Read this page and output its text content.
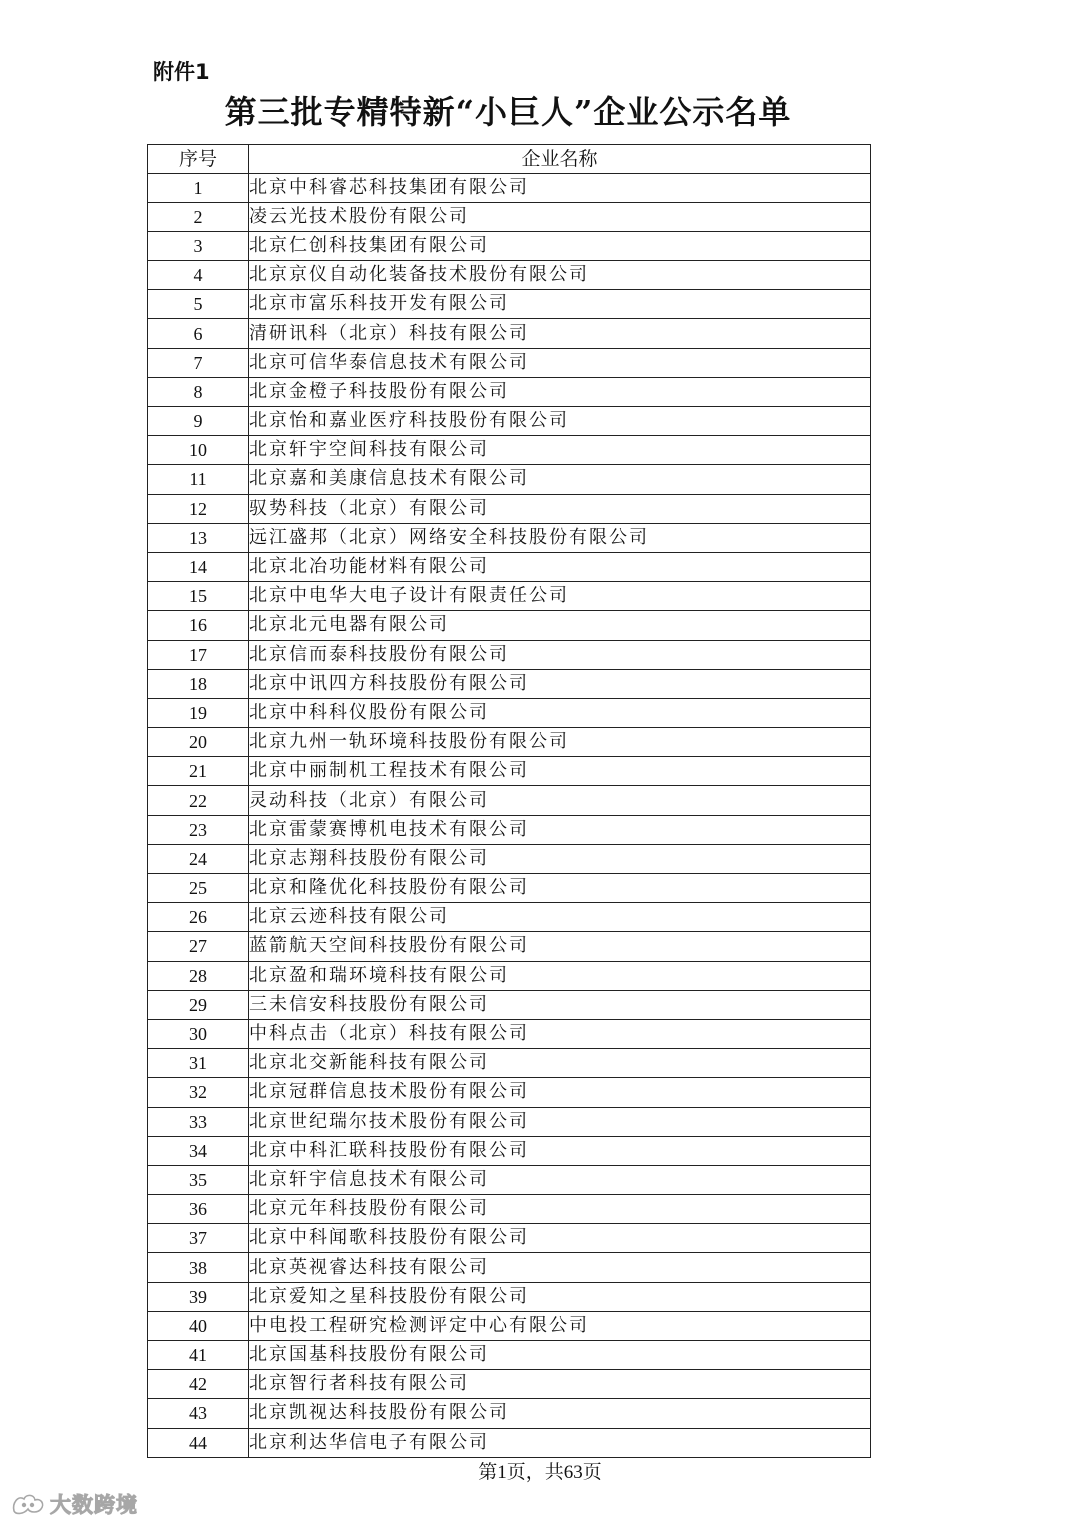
附件1
第三批专精特新“小巨人”企业公示名单
序号	企业名称
1	北京中科睿芯科技集团有限公司
2	凌云光技术股份有限公司
3	北京仁创科技集团有限公司
4	北京京仪自动化装备技术股份有限公司
5	北京市富乐科技开发有限公司
6	清研讯科（北京）科技有限公司
7	北京可信华泰信息技术有限公司
8	北京金橙子科技股份有限公司
9	北京怡和嘉业医疗科技股份有限公司
10	北京轩宇空间科技有限公司
11	北京嘉和美康信息技术有限公司
12	驭势科技（北京）有限公司
13	远江盛邦（北京）网络安全科技股份有限公司
14	北京北冶功能材料有限公司
15	北京中电华大电子设计有限责任公司
16	北京北元电器有限公司
17	北京信而泰科技股份有限公司
18	北京中讯四方科技股份有限公司
19	北京中科科仪股份有限公司
20	北京九州一轨环境科技股份有限公司
21	北京中丽制机工程技术有限公司
22	灵动科技（北京）有限公司
23	北京雷蒙赛博机电技术有限公司
24	北京志翔科技股份有限公司
25	北京和隆优化科技股份有限公司
26	北京云迹科技有限公司
27	蓝箭航天空间科技股份有限公司
28	北京盈和瑞环境科技有限公司
29	三未信安科技股份有限公司
30	中科点击（北京）科技有限公司
31	北京北交新能科技有限公司
32	北京冠群信息技术股份有限公司
33	北京世纪瑞尔技术股份有限公司
34	北京中科汇联科技股份有限公司
35	北京轩宇信息技术有限公司
36	北京元年科技股份有限公司
37	北京中科闻歌科技股份有限公司
38	北京英视睿达科技有限公司
39	北京爱知之星科技股份有限公司
40	中电投工程研究检测评定中心有限公司
41	北京国基科技股份有限公司
42	北京智行者科技有限公司
43	北京凯视达科技股份有限公司
44	北京利达华信电子有限公司
第1页，共63页
大数跨境
